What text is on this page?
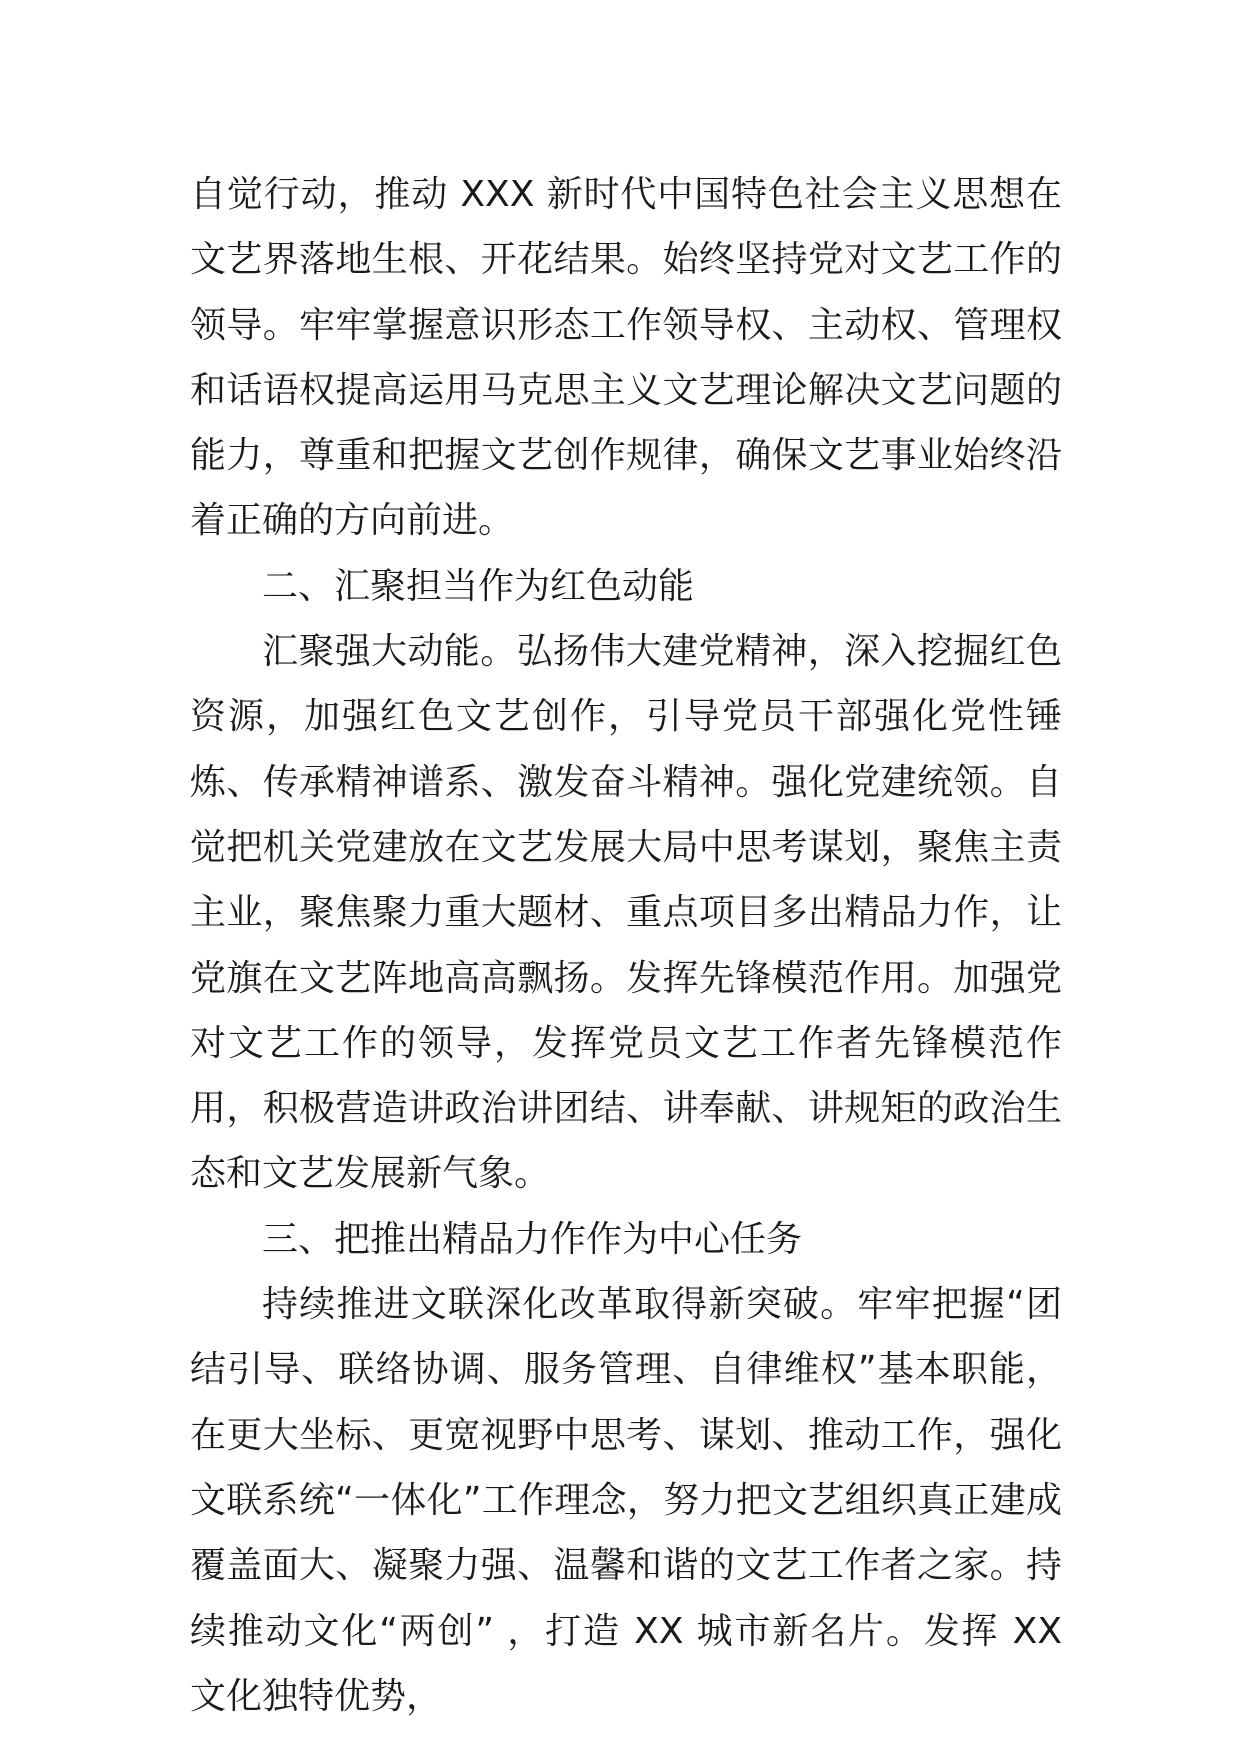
自觉行动，推动 XXX 新时代中国特色社会主义思想在文艺界落地生根、开花结果。始终坚持党对文艺工作的领导。牢牢掌握意识形态工作领导权、主动权、管理权和话语权提高运用马克思主义文艺理论解决文艺问题的能力，尊重和把握文艺创作规律，确保文艺事业始终沿着正确的方向前进。

二、汇聚担当作为红色动能

汇聚强大动能。弘扬伟大建党精神，深入挖掘红色资源，加强红色文艺创作，引导党员干部强化党性锤炼、传承精神谱系、激发奋斗精神。强化党建统领。自觉把机关党建放在文艺发展大局中思考谋划，聚焦主责主业，聚焦聚力重大题材、重点项目多出精品力作，让党旗在文艺阵地高高飘扬。发挥先锋模范作用。加强党对文艺工作的领导，发挥党员文艺工作者先锋模范作用，积极营造讲政治讲团结、讲奉献、讲规矩的政治生态和文艺发展新气象。

三、把推出精品力作作为中心任务

持续推进文联深化改革取得新突破。牢牢把握“团结引导、联络协调、服务管理、自律维权”基本职能，在更大坐标、更宽视野中思考、谋划、推动工作，强化文联系统“一体化”工作理念，努力把文艺组织真正建成覆盖面大、凝聚力强、温馨和谐的文艺工作者之家。持续推动文化“两创” ，打造 XX 城市新名片。发挥 XX 文化独特优势，
